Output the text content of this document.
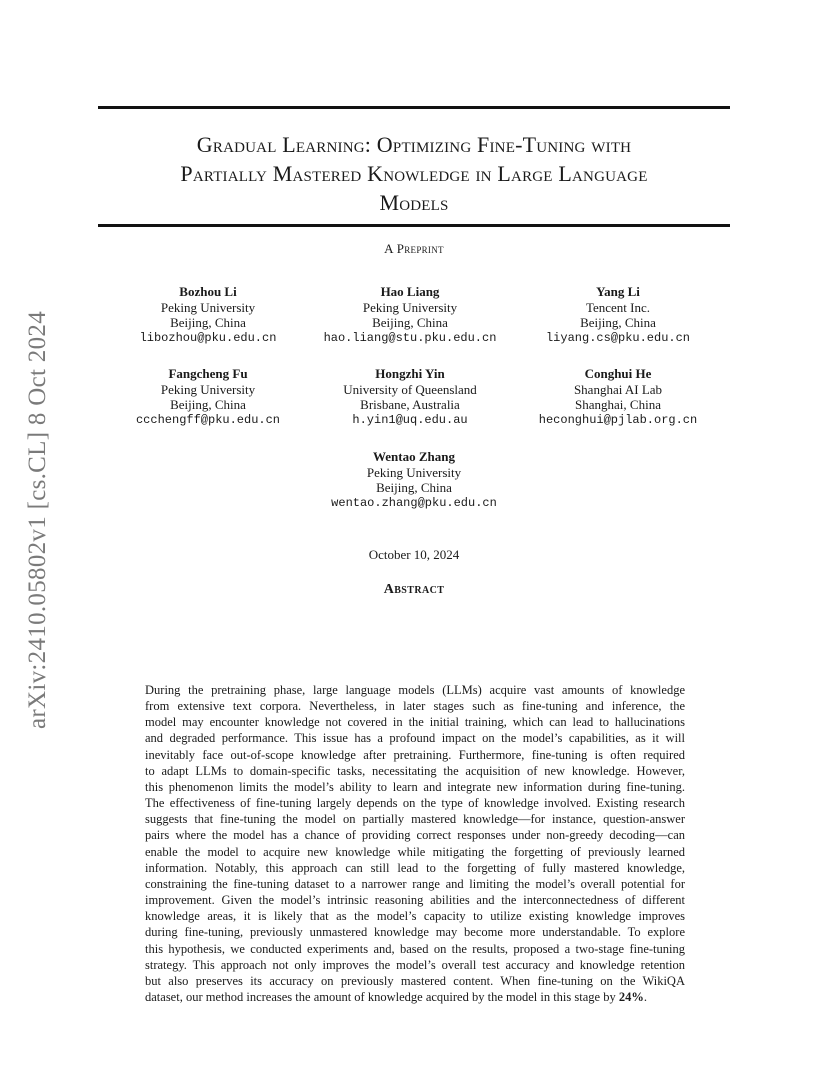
arXiv:2410.05802v1 [cs.CL] 8 Oct 2024
Gradual Learning: Optimizing Fine-Tuning with
Partially Mastered Knowledge in Large Language
Models
A Preprint
Bozhou Li
Peking University
Beijing, China
libozhou@pku.edu.cn
Hao Liang
Peking University
Beijing, China
hao.liang@stu.pku.edu.cn
Yang Li
Tencent Inc.
Beijing, China
liyang.cs@pku.edu.cn
Fangcheng Fu
Peking University
Beijing, China
ccchengff@pku.edu.cn
Hongzhi Yin
University of Queensland
Brisbane, Australia
h.yin1@uq.edu.au
Conghui He
Shanghai AI Lab
Shanghai, China
heconghui@pjlab.org.cn
Wentao Zhang
Peking University
Beijing, China
wentao.zhang@pku.edu.cn
October 10, 2024
Abstract
During the pretraining phase, large language models (LLMs) acquire vast amounts of knowledge
from extensive text corpora. Nevertheless, in later stages such as fine-tuning and inference, the
model may encounter knowledge not covered in the initial training, which can lead to hallucinations
and degraded performance. This issue has a profound impact on the model’s capabilities, as it will
inevitably face out-of-scope knowledge after pretraining. Furthermore, fine-tuning is often required
to adapt LLMs to domain-specific tasks, necessitating the acquisition of new knowledge. However,
this phenomenon limits the model’s ability to learn and integrate new information during fine-tuning.
The effectiveness of fine-tuning largely depends on the type of knowledge involved. Existing research
suggests that fine-tuning the model on partially mastered knowledge—for instance, question-answer
pairs where the model has a chance of providing correct responses under non-greedy decoding—can
enable the model to acquire new knowledge while mitigating the forgetting of previously learned
information. Notably, this approach can still lead to the forgetting of fully mastered knowledge,
constraining the fine-tuning dataset to a narrower range and limiting the model’s overall potential for
improvement. Given the model’s intrinsic reasoning abilities and the interconnectedness of different
knowledge areas, it is likely that as the model’s capacity to utilize existing knowledge improves
during fine-tuning, previously unmastered knowledge may become more understandable. To explore
this hypothesis, we conducted experiments and, based on the results, proposed a two-stage fine-tuning
strategy. This approach not only improves the model’s overall test accuracy and knowledge retention
but also preserves its accuracy on previously mastered content. When fine-tuning on the WikiQA
dataset, our method increases the amount of knowledge acquired by the model in this stage by 24%.
